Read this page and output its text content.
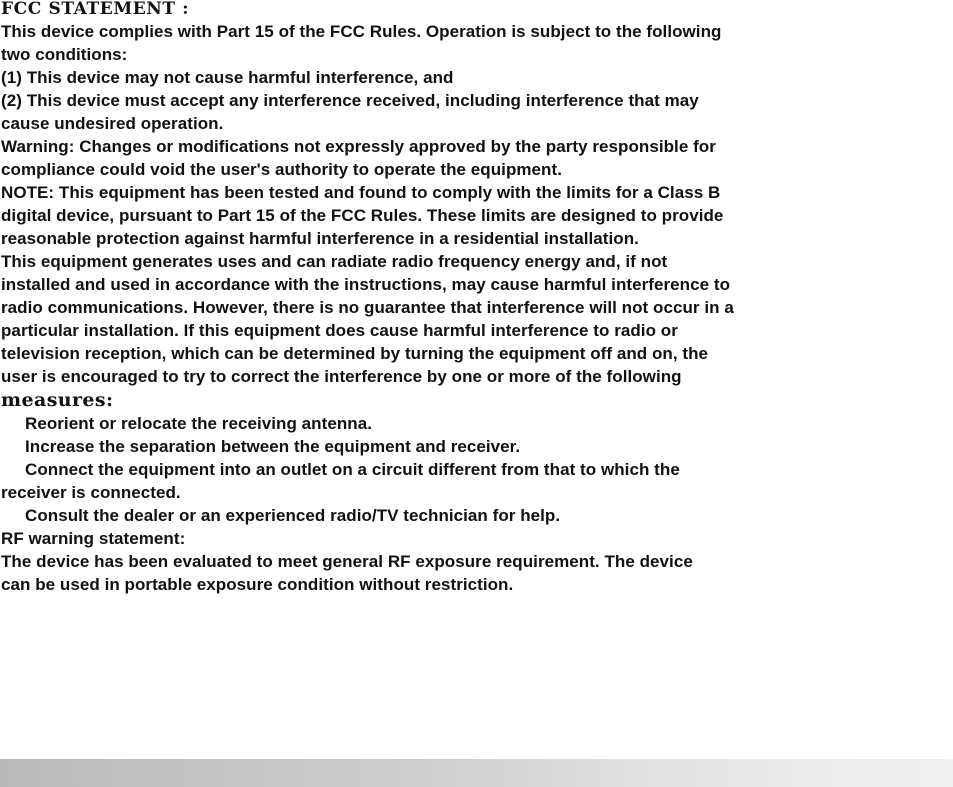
FCC STATEMENT :
This device complies with Part 15 of the FCC Rules. Operation is subject to the following
two conditions:
(1) This device may not cause harmful interference, and
(2) This device must accept any interference received, including interference that may
cause undesired operation.
Warning: Changes or modifications not expressly approved by the party responsible for
compliance could void the user's authority to operate the equipment.
NOTE: This equipment has been tested and found to comply with the limits for a Class B
digital device, pursuant to Part 15 of the FCC Rules. These limits are designed to provide
reasonable protection against harmful interference in a residential installation.
This equipment generates uses and can radiate radio frequency energy and, if not
installed and used in accordance with the instructions, may cause harmful interference to
radio communications. However, there is no guarantee that interference will not occur in a
particular installation. If this equipment does cause harmful interference to radio or
television reception, which can be determined by turning the equipment off and on, the
user is encouraged to try to correct the interference by one or more of the following
measures:
Reorient or relocate the receiving antenna.
Increase the separation between the equipment and receiver.
Connect the equipment into an outlet on a circuit different from that to which the
receiver is connected.
Consult the dealer or an experienced radio/TV technician for help.
RF warning statement:
The device has been evaluated to meet general RF exposure requirement. The device
can be used in portable exposure condition without restriction.
